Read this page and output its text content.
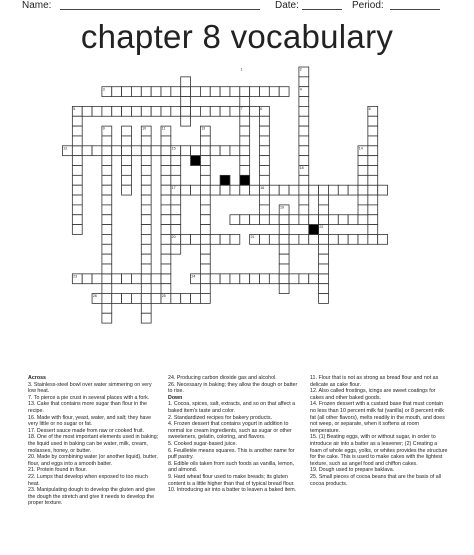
Name:	Date:	Period:
chapter 8 vocabulary
1	2
3	4
5	6
7	8
9	10	11
12
13
14
15
16
17
18
19
20	21
22
23	24
25
26

Across

3. Stainless-steel bowl over water simmering on very low heat.

7. To pierce a pie crust in several places with a fork.

13. Cake that contains more sugar than flour in the recipe.

16. Made with flour, yeast, water, and salt; they have very little or no sugar or fat.

17. Dessert sauce made from raw or cooked fruit.

18. One of the most important elements used in baking; the liquid used in baking can be water, milk, cream, molasses, honey, or butter.

20. Made by combining water (or another liquid), butter, flour, and eggs into a smooth batter.

21. Protein found in flour.

22. Lumps that develop when exposed to too much heat.

23. Manipulating dough to develop the gluten and give the dough the stretch and give it needs to develop the proper texture.

24. Producing carbon dioxide gas and alcohol.

26. Necessary in baking; they allow the dough or batter to rise.

Down

1. Cocoa, spices, salt, extracts, and so on that affect a baked item's taste and color.

2. Standardized recipes for bakery products.

4. Frozen dessert that contains yogurt in addition to normal ice cream ingredients, such as sugar or other sweeteners, gelatin, coloring, and flavors.

5. Cooked sugar-based juice.

6. Feuilletée means squares. This is another name for puff pastry.

8. Edible oils taken from such foods as vanilla, lemon, and almond.

9. Hard wheat flour used to make breads; its gluten content is a little higher than that of typical bread flour.

10. Introducing air into a batter to leaven a baked item.

11. Flour that is not as strong as bread flour and not as delicate as cake flour.

12. Also called frostings, icings are sweet coatings for cakes and other baked goods.

14. Frozen dessert with a custard base that must contain no less than 10 percent milk fat (vanilla) or 8 percent milk fat (all other flavors), melts readily in the mouth, and does not weep, or separate, when it softens at room temperature.

15. (1) Beating eggs, with or without sugar, in order to introduce air into a batter as a leavener; (2) Creating a foam of whole eggs, yolks, or whites provides the structure for the cake. This is used to make cakes with the lightest texture, such as angel food and chiffon cakes.

19. Dough used to prepare baklava.

25. Small pieces of cocoa beans that are the basis of all cocoa products.
